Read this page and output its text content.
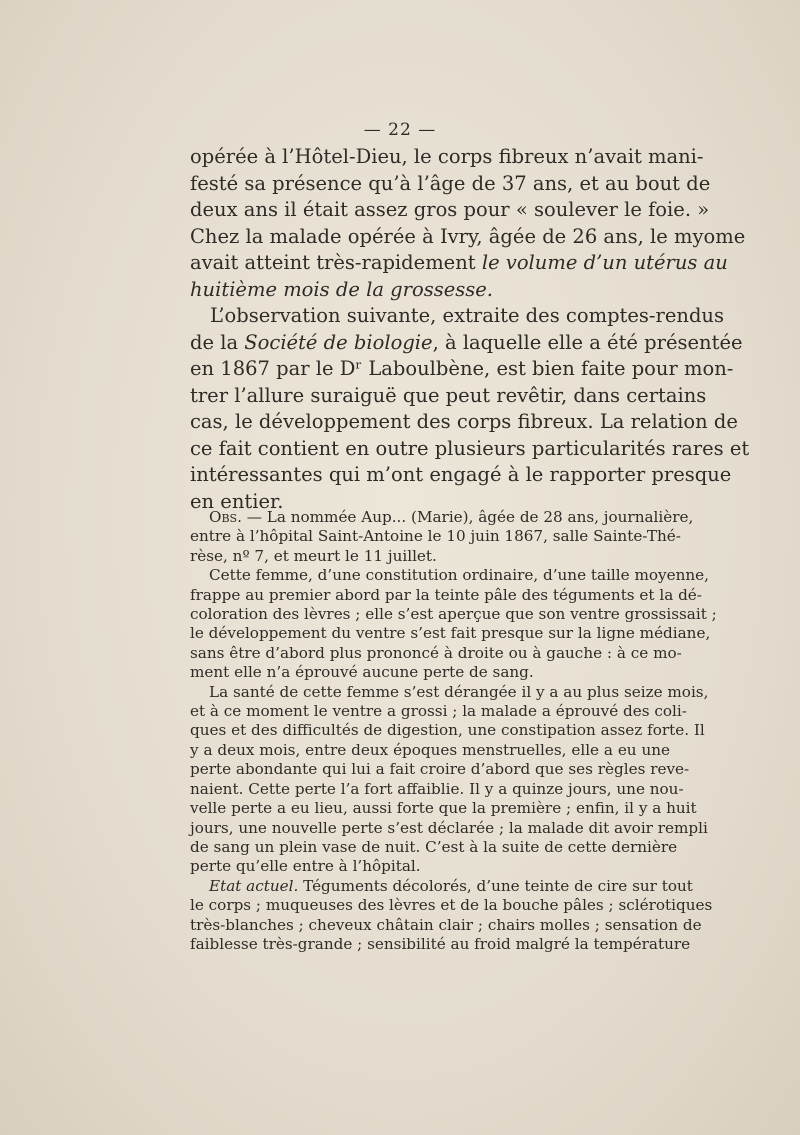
— 22 —
opérée à l’Hôtel-Dieu, le corps fibreux n’avait mani-
festé sa présence qu’à l’âge de 37 ans, et au bout de
deux ans il était assez gros pour « soulever le foie. »
Chez la malade opérée à Ivry, âgée de 26 ans, le myome
avait atteint très-rapidement le volume d’un utérus au
huitième mois de la grossesse.
L’observation suivante, extraite des comptes-rendus
de la Société de biologie, à laquelle elle a été présentée
en 1867 par le Dʳ Laboulbène, est bien faite pour mon-
trer l’allure suraiguë que peut revêtir, dans certains
cas, le développement des corps fibreux. La relation de
ce fait contient en outre plusieurs particularités rares et
intéressantes qui m’ont engagé à le rapporter presque
en entier.
Obs. — La nommée Aup... (Marie), âgée de 28 ans, journalière,
entre à l’hôpital Saint-Antoine le 10 juin 1867, salle Sainte-Thé-
rèse, nº 7, et meurt le 11 juillet.
Cette femme, d’une constitution ordinaire, d’une taille moyenne,
frappe au premier abord par la teinte pâle des téguments et la dé-
coloration des lèvres ; elle s’est aperçue que son ventre grossissait ;
le développement du ventre s’est fait presque sur la ligne médiane,
sans être d’abord plus prononcé à droite ou à gauche : à ce mo-
ment elle n’a éprouvé aucune perte de sang.
La santé de cette femme s’est dérangée il y a au plus seize mois,
et à ce moment le ventre a grossi ; la malade a éprouvé des coli-
ques et des difficultés de digestion, une constipation assez forte. Il
y a deux mois, entre deux époques menstruelles, elle a eu une
perte abondante qui lui a fait croire d’abord que ses règles reve-
naient. Cette perte l’a fort affaiblie. Il y a quinze jours, une nou-
velle perte a eu lieu, aussi forte que la première ; enfin, il y a huit
jours, une nouvelle perte s’est déclarée ; la malade dit avoir rempli
de sang un plein vase de nuit. C’est à la suite de cette dernière
perte qu’elle entre à l’hôpital.
Etat actuel. Téguments décolorés, d’une teinte de cire sur tout
le corps ; muqueuses des lèvres et de la bouche pâles ; sclérotiques
très-blanches ; cheveux châtain clair ; chairs molles ; sensation de
faiblesse très-grande ; sensibilité au froid malgré la température
